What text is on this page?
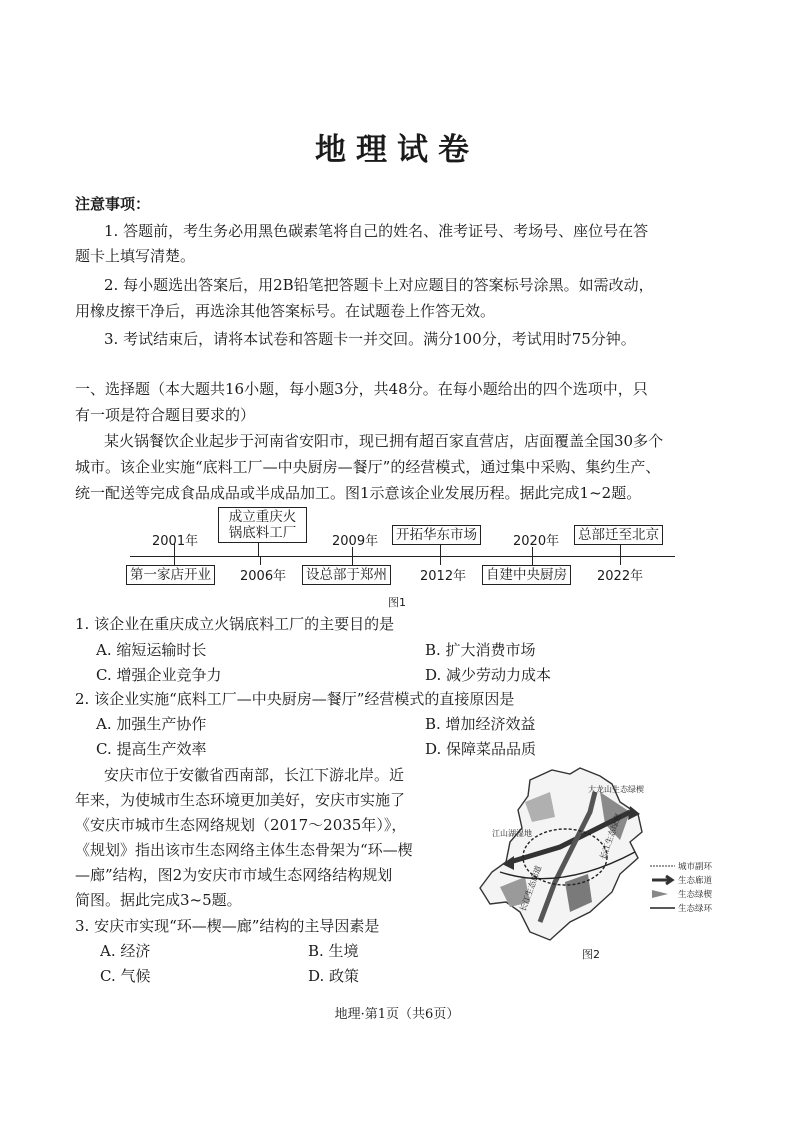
地理试卷
注意事项：
1. 答题前，考生务必用黑色碳素笔将自己的姓名、准考证号、考场号、座位号在答
题卡上填写清楚。
2. 每小题选出答案后，用2B铅笔把答题卡上对应题目的答案标号涂黑。如需改动，
用橡皮擦干净后，再选涂其他答案标号。在试题卷上作答无效。
3. 考试结束后，请将本试卷和答题卡一并交回。满分100分，考试用时75分钟。
一、选择题（本大题共16小题，每小题3分，共48分。在每小题给出的四个选项中，只
有一项是符合题目要求的）
某火锅餐饮企业起步于河南省安阳市，现已拥有超百家直营店，店面覆盖全国30多个
城市。该企业实施“底料工厂—中央厨房—餐厅”的经营模式，通过集中采购、集约生产、
统一配送等完成食品成品或半成品加工。图1示意该企业发展历程。据此完成1~2题。
成立重庆火
锅底料工厂	开拓华东市场	总部迁至北京
第一家店开业	设总部于郑州	自建中央厨房
2001年	2009年	2020年
2006年	2012年	2022年
图1
1. 该企业在重庆成立火锅底料工厂的主要目的是
A. 缩短运输时长	B. 扩大消费市场
C. 增强企业竞争力	D. 减少劳动力成本
2. 该企业实施“底料工厂—中央厨房—餐厅”经营模式的直接原因是
A. 加强生产协作	B. 增加经济效益
C. 提高生产效率	D. 保障菜品品质
安庆市位于安徽省西南部，长江下游北岸。近
年来，为使城市生态环境更加美好，安庆市实施了
《安庆市城市生态网络规划（2017～2035年）》，
《规划》指出该市生态网络主体生态骨架为“环—楔
—廊”结构，图2为安庆市市域生态网络结构规划
简图。据此完成3~5题。
3. 安庆市实现“环—楔—廊”结构的主导因素是
A. 经济	B. 生境
C. 气候	D. 政策
大龙山生态绿楔
江山湖湿地
长江生态廊道
长江生态绿廊
城市副环
生态廊道
生态绿楔
生态绿环
图2
地理·第1页（共6页）
